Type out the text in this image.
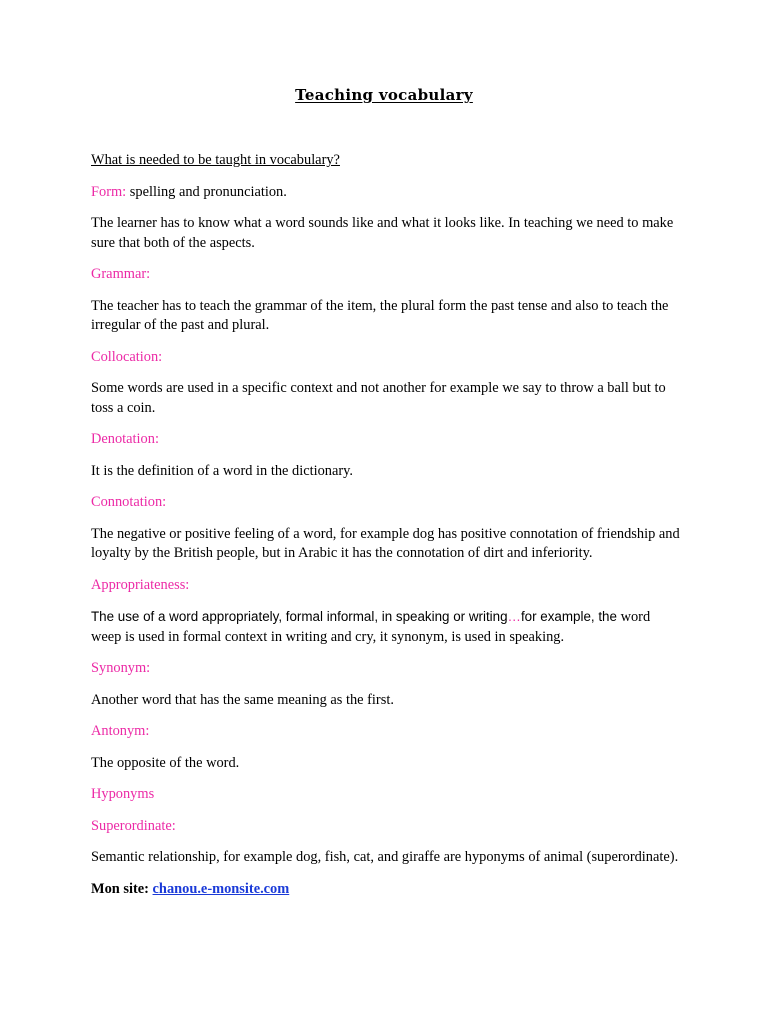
Teaching vocabulary

What is needed to be taught in vocabulary?

Form: spelling and pronunciation.

The learner has to know what a word sounds like and what it looks like. In teaching we need to make sure that both of the aspects.

Grammar:

The teacher has to teach the grammar of the item, the plural form the past tense and also to teach the irregular of the past and plural.

Collocation:

Some words are used in a specific context and not another for example we say to throw a ball but to toss a coin.

Denotation:

It is the definition of a word in the dictionary.

Connotation:

The negative or positive feeling of a word, for example dog has positive connotation of friendship and loyalty by the British people, but in Arabic it has the connotation of dirt and inferiority.

Appropriateness:

The use of a word appropriately, formal informal, in speaking or writing…for example, the word weep is used in formal context in writing and cry, it synonym, is used in speaking.

Synonym:

Another word that has the same meaning as the first.

Antonym:

The opposite of the word.

Hyponyms

Superordinate:

Semantic relationship, for example dog, fish, cat, and giraffe are hyponyms of animal (superordinate).

Mon site: chanou.e-monsite.com
